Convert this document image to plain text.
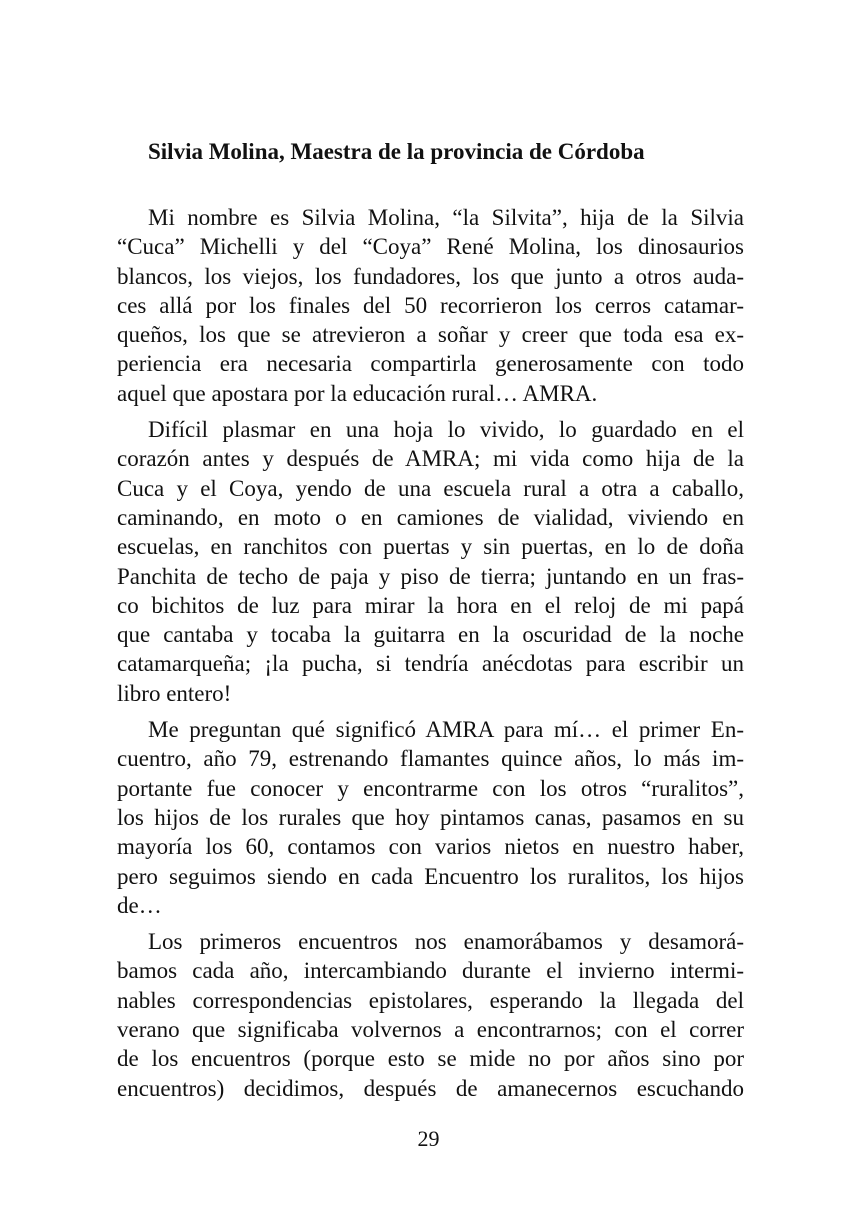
Silvia Molina, Maestra de la provincia de Córdoba
Mi nombre es Silvia Molina, “la Silvita”, hija de la Silvia
“Cuca” Michelli y del “Coya” René Molina, los dinosaurios
blancos, los viejos, los fundadores, los que junto a otros auda-
ces allá por los finales del 50 recorrieron los cerros catamar-
queños, los que se atrevieron a soñar y creer que toda esa ex-
periencia era necesaria compartirla generosamente con todo
aquel que apostara por la educación rural… AMRA.
Difícil plasmar en una hoja lo vivido, lo guardado en el
corazón antes y después de AMRA; mi vida como hija de la
Cuca y el Coya, yendo de una escuela rural a otra a caballo,
caminando, en moto o en camiones de vialidad, viviendo en
escuelas, en ranchitos con puertas y sin puertas, en lo de doña
Panchita de techo de paja y piso de tierra; juntando en un fras-
co bichitos de luz para mirar la hora en el reloj de mi papá
que cantaba y tocaba la guitarra en la oscuridad de la noche
catamarqueña; ¡la pucha, si tendría anécdotas para escribir un
libro entero!
Me preguntan qué significó AMRA para mí… el primer En-
cuentro, año 79, estrenando flamantes quince años, lo más im-
portante fue conocer y encontrarme con los otros “ruralitos”,
los hijos de los rurales que hoy pintamos canas, pasamos en su
mayoría los 60, contamos con varios nietos en nuestro haber,
pero seguimos siendo en cada Encuentro los ruralitos, los hijos
de…
Los primeros encuentros nos enamorábamos y desamorá-
bamos cada año, intercambiando durante el invierno intermi-
nables correspondencias epistolares, esperando la llegada del
verano que significaba volvernos a encontrarnos; con el correr
de los encuentros (porque esto se mide no por años sino por
encuentros) decidimos, después de amanecernos escuchando
29
